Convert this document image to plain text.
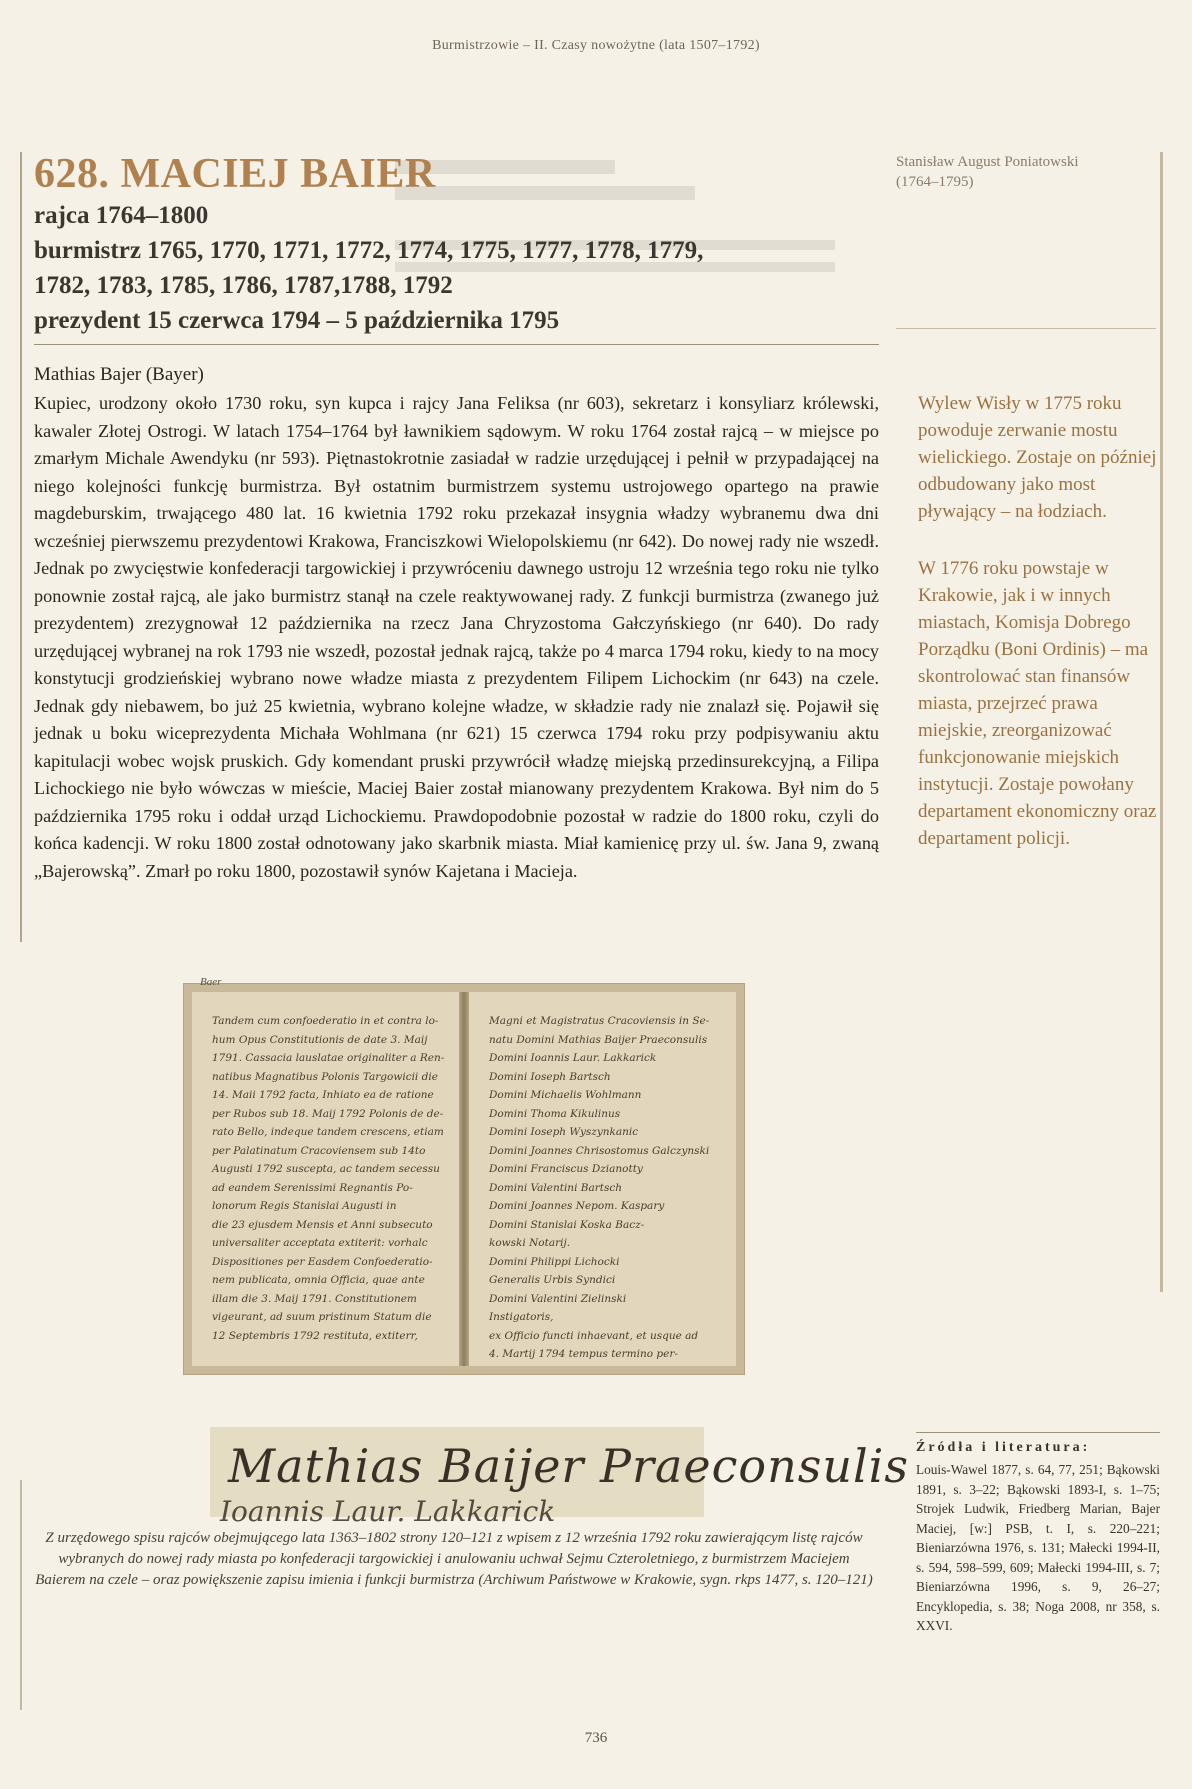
Burmistrzowie – II. Czasy nowożytne (lata 1507–1792)
628. MACIEJ BAIER

rajca 1764–1800

burmistrz 1765, 1770, 1771, 1772, 1774, 1775, 1777, 1778, 1779,

1782, 1783, 1785, 1786, 1787,1788, 1792

prezydent 15 czerwca 1794 – 5 października 1795

Mathias Bajer (Bayer)

Kupiec, urodzony około 1730 roku, syn kupca i rajcy Jana Feliksa (nr 603), sekretarz i konsyliarz królewski, kawaler Złotej Ostrogi. W latach 1754–1764 był ławnikiem sądowym. W roku 1764 został rajcą – w miejsce po zmarłym Michale Awendyku (nr 593). Piętnastokrotnie zasiadał w radzie urzędującej i pełnił w przypadającej na niego kolejności funkcję burmistrza. Był ostatnim burmistrzem systemu ustrojowego opartego na prawie magdeburskim, trwającego 480 lat. 16 kwietnia 1792 roku przekazał insygnia władzy wybranemu dwa dni wcześniej pierwszemu prezydentowi Krakowa, Franciszkowi Wielopolskiemu (nr 642). Do nowej rady nie wszedł. Jednak po zwycięstwie konfederacji targowickiej i przywróceniu dawnego ustroju 12 września tego roku nie tylko ponownie został rajcą, ale jako burmistrz stanął na czele reaktywowanej rady. Z funkcji burmistrza (zwanego już prezydentem) zrezygnował 12 października na rzecz Jana Chryzostoma Gałczyńskiego (nr 640). Do rady urzędującej wybranej na rok 1793 nie wszedł, pozostał jednak rajcą, także po 4 marca 1794 roku, kiedy to na mocy konstytucji grodzieńskiej wybrano nowe władze miasta z prezydentem Filipem Lichockim (nr 643) na czele. Jednak gdy niebawem, bo już 25 kwietnia, wybrano kolejne władze, w składzie rady nie znalazł się. Pojawił się jednak u boku wiceprezydenta Michała Wohlmana (nr 621) 15 czerwca 1794 roku przy podpisywaniu aktu kapitulacji wobec wojsk pruskich. Gdy komendant pruski przywrócił władzę miejską przedinsurekcyjną, a Filipa Lichockiego nie było wówczas w mieście, Maciej Baier został mianowany prezydentem Krakowa. Był nim do 5 października 1795 roku i oddał urząd Lichockiemu. Prawdopodobnie pozostał w radzie do 1800 roku, czyli do końca kadencji. W roku 1800 został odnotowany jako skarbnik miasta. Miał kamienicę przy ul. św. Jana 9, zwaną „Bajerowską”. Zmarł po roku 1800, pozostawił synów Kajetana i Macieja.

Stanisław August Poniatowski
(1764–1795)

Wylew Wisły w 1775 roku powoduje zerwanie mostu wielickiego. Zostaje on później odbudowany jako most pływający – na łodziach.

W 1776 roku powstaje w Krakowie, jak i w innych miastach, Komisja Dobrego Porządku (Boni Ordinis) – ma skontrolować stan finansów miasta, przejrzeć prawa miejskie, zreorganizować funkcjonowanie miejskich instytucji. Zostaje powołany departament ekonomiczny oraz departament policji.

Tandem cum confoederatio in et contra lo-
hum Opus Constitutionis de date 3. Maij
1791. Cassacia lauslatae originaliter a Ren-
natibus Magnatibus Polonis Targowicii die
14. Maii 1792 facta, Inhiato ea de ratione
per Rubos sub 18. Maij 1792 Polonis de de-
rato Bello, indeque tandem crescens, etiam
per Palatinatum Cracoviensem sub 14to
Augusti 1792 suscepta, ac tandem secessu
ad eandem Serenissimi Regnantis Po-
lonorum Regis Stanislai Augusti in
die 23 ejusdem Mensis et Anni subsecuto
universaliter acceptata extiterit: vorhalc
Dispositiones per Easdem Confoederatio-
nem publicata, omnia Officia, quae ante
illam die 3. Maij 1791. Constitutionem
vigeurant, ad suum pristinum Statum die
12 Septembris 1792 restituta, extiterr,
Magni et Magistratus Cracoviensis in Se-
natu Domini Mathias Baijer Praeconsulis
Domini Ioannis Laur. Lakkarick
Domini Ioseph Bartsch
Domini Michaelis Wohlmann
Domini Thoma Kikulinus
Domini Ioseph Wyszynkanic
Domini Joannes Chrisostomus Galczynski
Domini Franciscus Dzianotty
Domini Valentini Bartsch
Domini Joannes Nepom. Kaspary
Domini Stanislai Koska Bacz-
kowski Notarij.
Domini Philippi Lichocki
Generalis Urbis Syndici
Domini Valentini Zielinski
Instigatoris,
ex Officio functi inhaevant, et usque ad
4. Martij 1794 tempus termino per-
Baer
Mathias Baijer Praeconsulis
Ioannis Laur. Lakkarick
Z urzędowego spisu rajców obejmującego lata 1363–1802 strony 120–121 z wpisem z 12 września 1792 roku zawierającym listę rajców wybranych do nowej rady miasta po konfederacji targowickiej i anulowaniu uchwał Sejmu Czteroletniego, z burmistrzem Maciejem Baierem na czele – oraz powiększenie zapisu imienia i funkcji burmistrza (Archiwum Państwowe w Krakowie, sygn. rkps 1477, s. 120–121)
Źródła i literatura:

Louis-Wawel 1877, s. 64, 77, 251; Bąkowski 1891, s. 3–22; Bąkowski 1893-I, s. 1–75; Strojek Ludwik, Friedberg Marian, Bajer Maciej, [w:] PSB, t. I, s. 220–221; Bieniarzówna 1976, s. 131; Małecki 1994-II, s. 594, 598–599, 609; Małecki 1994-III, s. 7; Bieniarzówna 1996, s. 9, 26–27; Encyklopedia, s. 38; Noga 2008, nr 358, s. XXVI.

736
